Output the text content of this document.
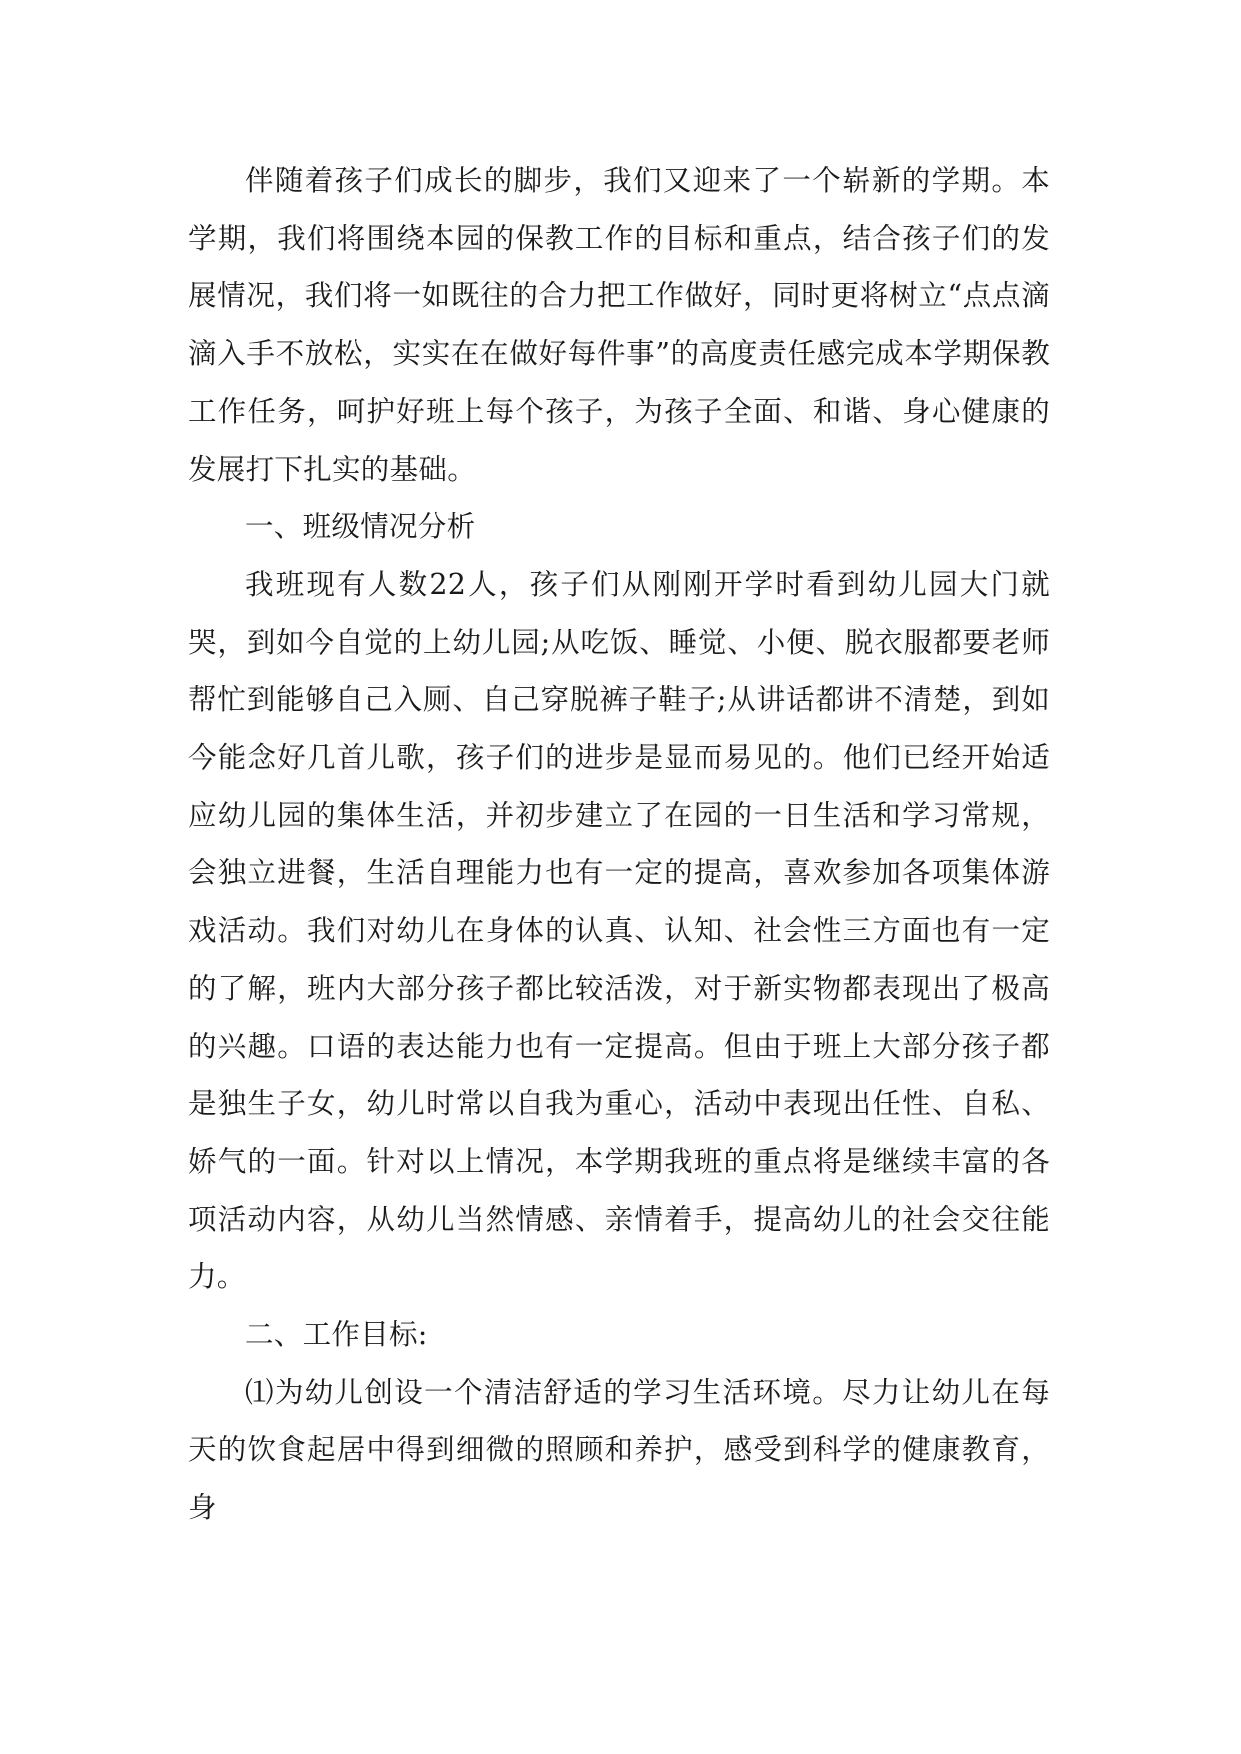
伴随着孩子们成长的脚步，我们又迎来了一个崭新的学期。本学期，我们将围绕本园的保教工作的目标和重点，结合孩子们的发展情况，我们将一如既往的合力把工作做好，同时更将树立“点点滴滴入手不放松，实实在在做好每件事”的高度责任感完成本学期保教工作任务，呵护好班上每个孩子，为孩子全面、和谐、身心健康的发展打下扎实的基础。

一、班级情况分析

我班现有人数22人，孩子们从刚刚开学时看到幼儿园大门就哭，到如今自觉的上幼儿园;从吃饭、睡觉、小便、脱衣服都要老师帮忙到能够自己入厕、自己穿脱裤子鞋子;从讲话都讲不清楚，到如今能念好几首儿歌，孩子们的进步是显而易见的。他们已经开始适应幼儿园的集体生活，并初步建立了在园的一日生活和学习常规，会独立进餐，生活自理能力也有一定的提高，喜欢参加各项集体游戏活动。我们对幼儿在身体的认真、认知、社会性三方面也有一定的了解，班内大部分孩子都比较活泼，对于新实物都表现出了极高的兴趣。口语的表达能力也有一定提高。但由于班上大部分孩子都是独生子女，幼儿时常以自我为重心，活动中表现出任性、自私、娇气的一面。针对以上情况，本学期我班的重点将是继续丰富的各项活动内容，从幼儿当然情感、亲情着手，提高幼儿的社会交往能力。

二、工作目标:

⑴为幼儿创设一个清洁舒适的学习生活环境。尽力让幼儿在每天的饮食起居中得到细微的照顾和养护，感受到科学的健康教育，身
